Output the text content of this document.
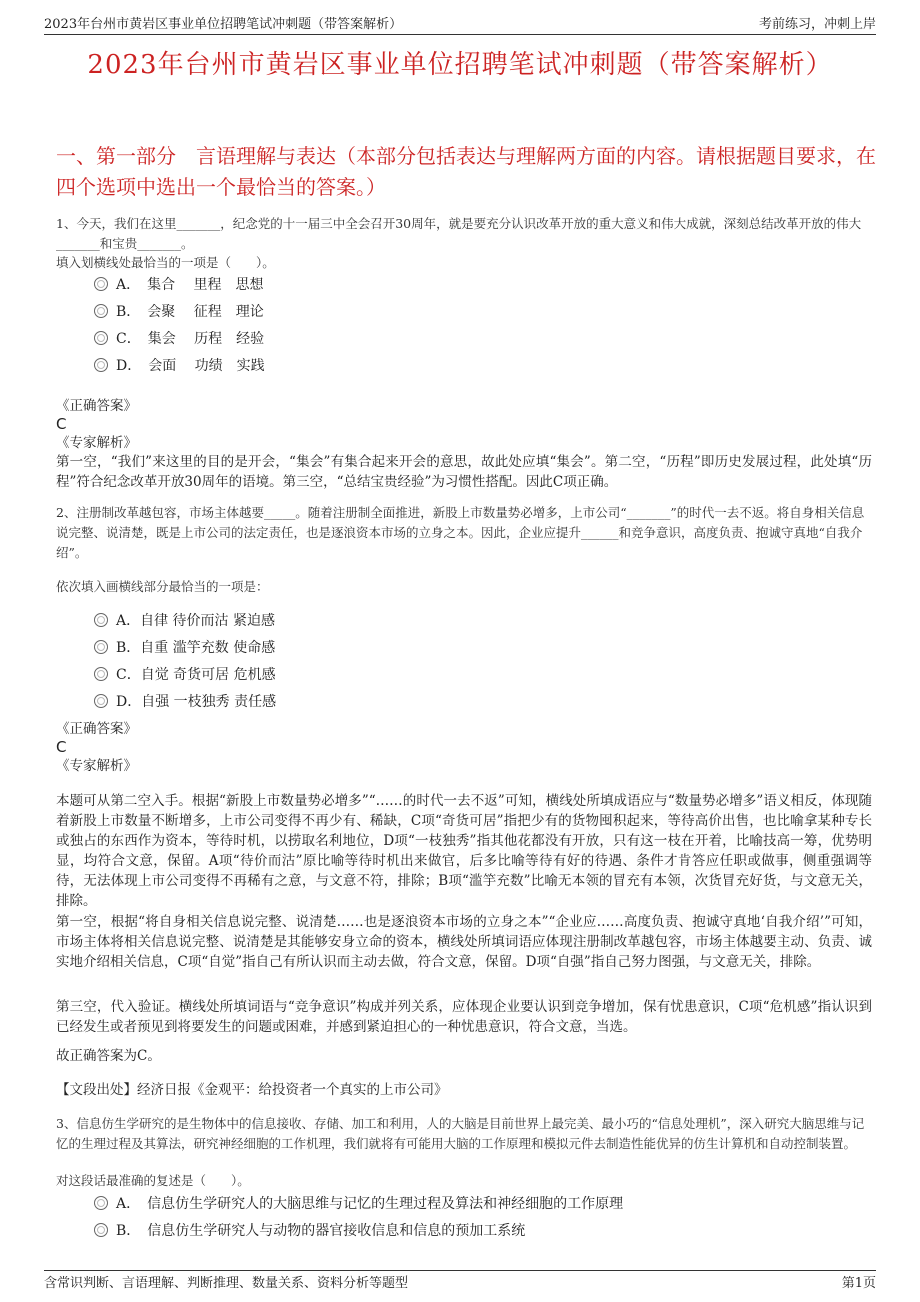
2023年台州市黄岩区事业单位招聘笔试冲刺题（带答案解析）	考前练习，冲刺上岸
2023年台州市黄岩区事业单位招聘笔试冲刺题（带答案解析）
一、第一部分　言语理解与表达（本部分包括表达与理解两方面的内容。请根据题目要求，在四个选项中选出一个最恰当的答案。）
1、今天，我们在这里_______，纪念党的十一届三中全会召开30周年，就是要充分认识改革开放的重大意义和伟大成就，深刻总结改革开放的伟大_______和宝贵_______。
填入划横线处最恰当的一项是（　　）。
A．　集合　 里程　思想
B．　会聚　 征程　理论
C．　集会　 历程　经验
D．　会面　 功绩　实践
《正确答案》
C
《专家解析》
第一空，“我们”来这里的目的是开会，“集会”有集合起来开会的意思，故此处应填“集会”。第二空，“历程”即历史发展过程，此处填“历程”符合纪念改革开放30周年的语境。第三空，“总结宝贵经验”为习惯性搭配。因此C项正确。
2、注册制改革越包容，市场主体越要_____。随着注册制全面推进，新股上市数量势必增多，上市公司“_______”的时代一去不返。将自身相关信息说完整、说清楚，既是上市公司的法定责任，也是逐浪资本市场的立身之本。因此，企业应提升______和竞争意识，高度负责、抱诚守真地“自我介绍”。
依次填入画横线部分最恰当的一项是：
A．自律 待价而沽 紧迫感
B．自重 滥竽充数 使命感
C．自觉 奇货可居 危机感
D．自强 一枝独秀 责任感
《正确答案》
C
《专家解析》
本题可从第二空入手。根据“新股上市数量势必增多”“……的时代一去不返”可知，横线处所填成语应与“数量势必增多”语义相反，体现随着新股上市数量不断增多，上市公司变得不再少有、稀缺，C项“奇货可居”指把少有的货物囤积起来，等待高价出售，也比喻拿某种专长或独占的东西作为资本，等待时机，以捞取名利地位，D项“一枝独秀”指其他花都没有开放，只有这一枝在开着，比喻技高一筹，优势明显，均符合文意，保留。A项“待价而沽”原比喻等待时机出来做官，后多比喻等待有好的待遇、条件才肯答应任职或做事，侧重强调等待，无法体现上市公司变得不再稀有之意，与文意不符，排除；B项“滥竽充数”比喻无本领的冒充有本领，次货冒充好货，与文意无关，排除。
第一空，根据“将自身相关信息说完整、说清楚……也是逐浪资本市场的立身之本”“企业应……高度负责、抱诚守真地‘自我介绍’”可知，市场主体将相关信息说完整、说清楚是其能够安身立命的资本，横线处所填词语应体现注册制改革越包容，市场主体越要主动、负责、诚实地介绍相关信息，C项“自觉”指自己有所认识而主动去做，符合文意，保留。D项“自强”指自己努力图强，与文意无关，排除。
第三空，代入验证。横线处所填词语与“竞争意识”构成并列关系，应体现企业要认识到竞争增加，保有忧患意识，C项“危机感”指认识到已经发生或者预见到将要发生的问题或困难，并感到紧迫担心的一种忧患意识，符合文意，当选。
故正确答案为C。
【文段出处】经济日报《金观平：给投资者一个真实的上市公司》
3、信息仿生学研究的是生物体中的信息接收、存储、加工和利用，人的大脑是目前世界上最完美、最小巧的“信息处理机”，深入研究大脑思维与记忆的生理过程及其算法，研究神经细胞的工作机理，我们就将有可能用大脑的工作原理和模拟元件去制造性能优异的仿生计算机和自动控制装置。
对这段话最准确的复述是（　　）。
A．　信息仿生学研究人的大脑思维与记忆的生理过程及算法和神经细胞的工作原理
B．　信息仿生学研究人与动物的器官接收信息和信息的预加工系统
含常识判断、言语理解、判断推理、数量关系、资料分析等题型	第1页
